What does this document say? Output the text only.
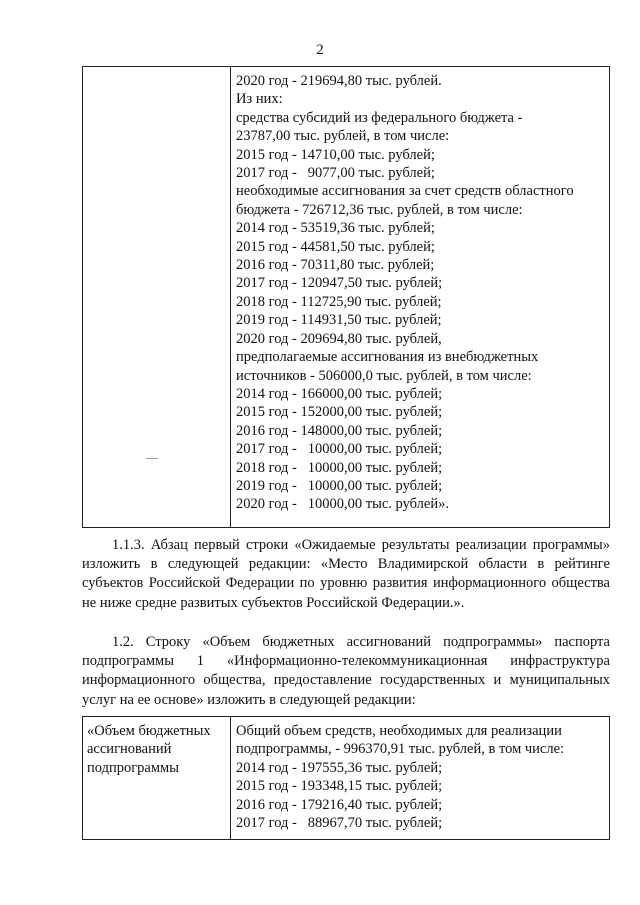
2
2020 год - 219694,80 тыс. рублей.
Из них:
средства субсидий из федерального бюджета -
23787,00 тыс. рублей, в том числе:
2015 год - 14710,00 тыс. рублей;
2017 год -   9077,00 тыс. рублей;
необходимые ассигнования за счет средств областного
бюджета - 726712,36 тыс. рублей, в том числе:
2014 год - 53519,36 тыс. рублей;
2015 год - 44581,50 тыс. рублей;
2016 год - 70311,80 тыс. рублей;
2017 год - 120947,50 тыс. рублей;
2018 год - 112725,90 тыс. рублей;
2019 год - 114931,50 тыс. рублей;
2020 год - 209694,80 тыс. рублей,
предполагаемые ассигнования из внебюджетных
источников - 506000,0 тыс. рублей, в том числе:
2014 год - 166000,00 тыс. рублей;
2015 год - 152000,00 тыс. рублей;
2016 год - 148000,00 тыс. рублей;
2017 год -   10000,00 тыс. рублей;
2018 год -   10000,00 тыс. рублей;
2019 год -   10000,00 тыс. рублей;
2020 год -   10000,00 тыс. рублей».
1.1.3. Абзац первый строки «Ожидаемые результаты реализации программы» изложить в следующей редакции: «Место Владимирской области в рейтинге субъектов Российской Федерации по уровню развития информационного общества не ниже средне развитых субъектов Российской Федерации.».
1.2. Строку «Объем бюджетных ассигнований подпрограммы» паспорта подпрограммы 1 «Информационно-телекоммуникационная инфраструктура информационного общества, предоставление государственных и муниципальных услуг на ее основе» изложить в следующей редакции:
«Объем бюджетных
ассигнований
подпрограммы
Общий объем средств, необходимых для реализации
подпрограммы, - 996370,91 тыс. рублей, в том числе:
2014 год - 197555,36 тыс. рублей;
2015 год - 193348,15 тыс. рублей;
2016 год - 179216,40 тыс. рублей;
2017 год -   88967,70 тыс. рублей;
